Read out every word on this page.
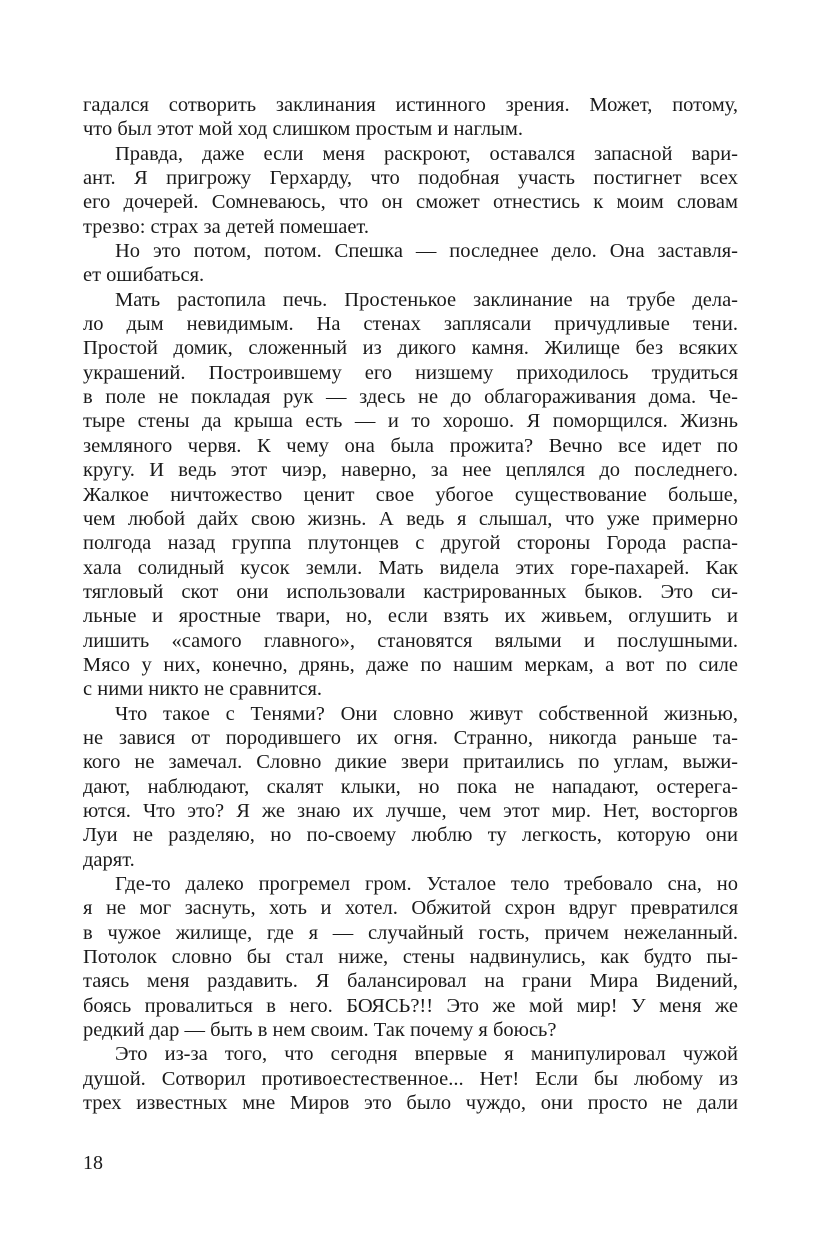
гадался сотворить заклинания истинного зрения. Может, потому,
что был этот мой ход слишком простым и наглым.
Правда, даже если меня раскроют, оставался запасной вари-
ант. Я пригрожу Герхарду, что подобная участь постигнет всех
его дочерей. Сомневаюсь, что он сможет отнестись к моим словам
трезво: страх за детей помешает.
Но это потом, потом. Спешка — последнее дело. Она заставля-
ет ошибаться.
Мать растопила печь. Простенькое заклинание на трубе дела-
ло дым невидимым. На стенах заплясали причудливые тени.
Простой домик, сложенный из дикого камня. Жилище без всяких
украшений. Построившему его низшему приходилось трудиться
в поле не покладая рук — здесь не до облагораживания дома. Че-
тыре стены да крыша есть — и то хорошо. Я поморщился. Жизнь
земляного червя. К чему она была прожита? Вечно все идет по
кругу. И ведь этот чиэр, наверно, за нее цеплялся до последнего.
Жалкое ничтожество ценит свое убогое существование больше,
чем любой дайх свою жизнь. А ведь я слышал, что уже примерно
полгода назад группа плутонцев с другой стороны Города распа-
хала солидный кусок земли. Мать видела этих горе-пахарей. Как
тягловый скот они использовали кастрированных быков. Это си-
льные и яростные твари, но, если взять их живьем, оглушить и
лишить «самого главного», становятся вялыми и послушными.
Мясо у них, конечно, дрянь, даже по нашим меркам, а вот по силе
с ними никто не сравнится.
Что такое с Тенями? Они словно живут собственной жизнью,
не завися от породившего их огня. Странно, никогда раньше та-
кого не замечал. Словно дикие звери притаились по углам, выжи-
дают, наблюдают, скалят клыки, но пока не нападают, остерега-
ются. Что это? Я же знаю их лучше, чем этот мир. Нет, восторгов
Луи не разделяю, но по-своему люблю ту легкость, которую они
дарят.
Где-то далеко прогремел гром. Усталое тело требовало сна, но
я не мог заснуть, хоть и хотел. Обжитой схрон вдруг превратился
в чужое жилище, где я — случайный гость, причем нежеланный.
Потолок словно бы стал ниже, стены надвинулись, как будто пы-
таясь меня раздавить. Я балансировал на грани Мира Видений,
боясь провалиться в него. БОЯСЬ?!! Это же мой мир! У меня же
редкий дар — быть в нем своим. Так почему я боюсь?
Это из-за того, что сегодня впервые я манипулировал чужой
душой. Сотворил противоестественное... Нет! Если бы любому из
трех известных мне Миров это было чуждо, они просто не дали
18
